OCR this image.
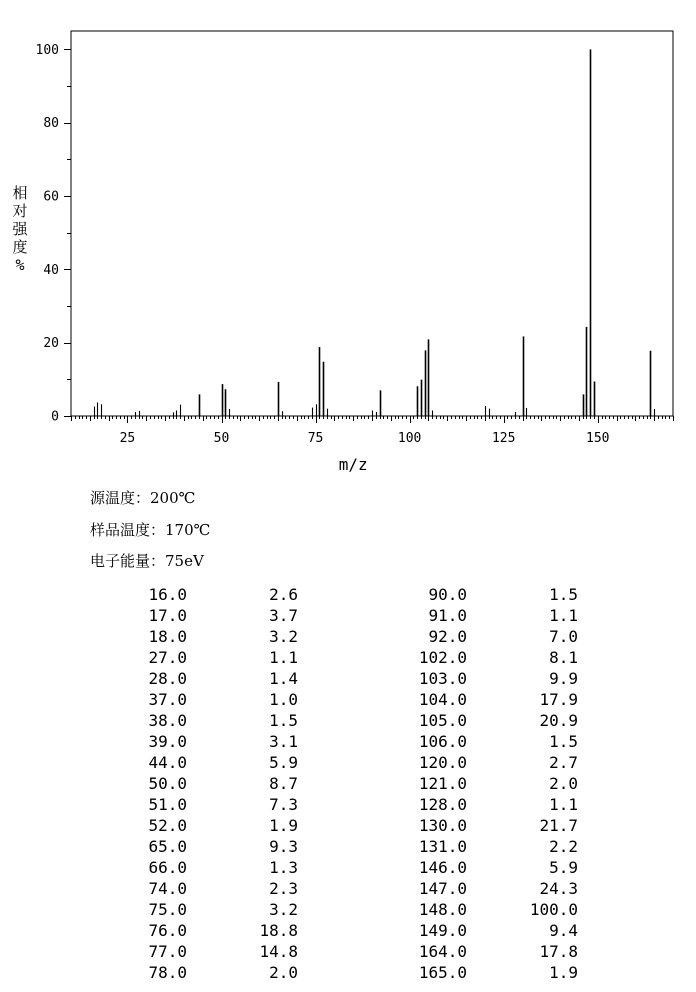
25	50	75	100	125	150
0
20
40
60
80
100
m/z
相对强度%
源温度：200℃
样品温度：170℃
电子能量：75eV
16.0	2.6
17.0	3.7
18.0	3.2
27.0	1.1
28.0	1.4
37.0	1.0
38.0	1.5
39.0	3.1
44.0	5.9
50.0	8.7
51.0	7.3
52.0	1.9
65.0	9.3
66.0	1.3
74.0	2.3
75.0	3.2
76.0	18.8
77.0	14.8
78.0	2.0
90.0	1.5
91.0	1.1
92.0	7.0
102.0	8.1
103.0	9.9
104.0	17.9
105.0	20.9
106.0	1.5
120.0	2.7
121.0	2.0
128.0	1.1
130.0	21.7
131.0	2.2
146.0	5.9
147.0	24.3
148.0	100.0
149.0	9.4
164.0	17.8
165.0	1.9
